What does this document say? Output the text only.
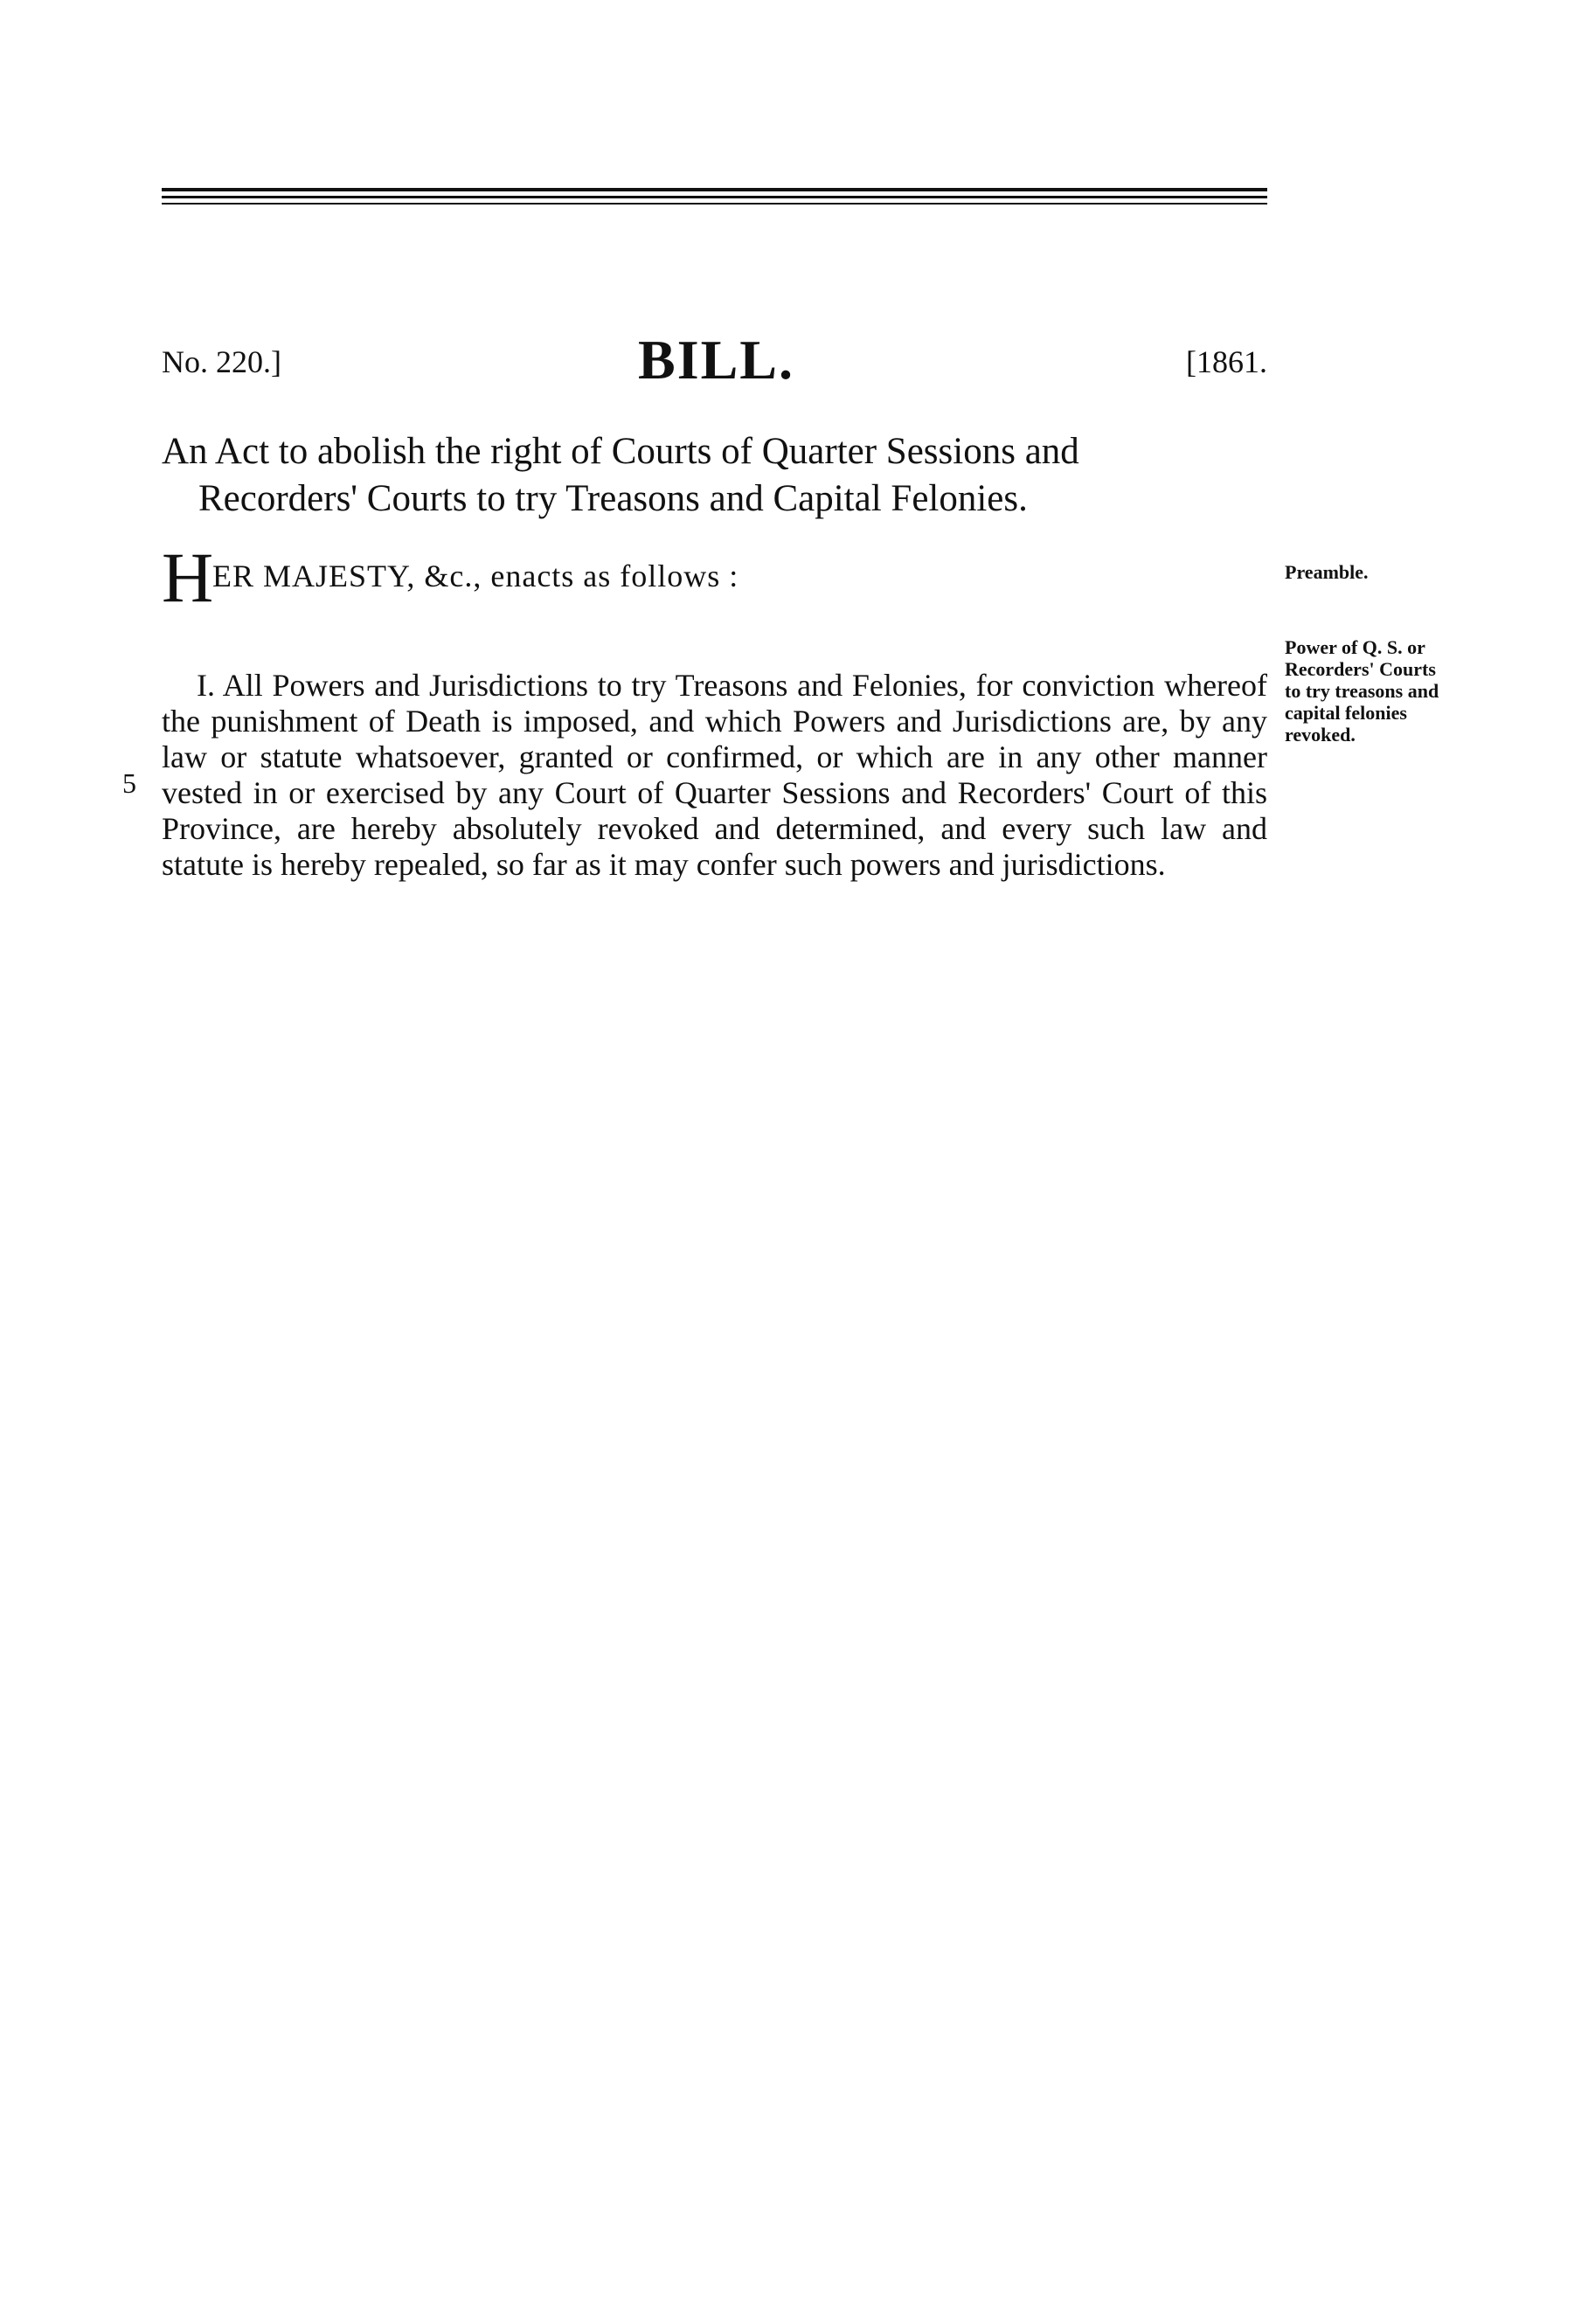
No. 220.]	BILL.	[1861.
An Act to abolish the right of Courts of Quarter Sessions and
Recorders' Courts to try Treasons and Capital Felonies.
H
ER MAJESTY, &c., enacts as follows :	Preamble.

I. All Powers and Jurisdictions to try Treasons and Felonies, for conviction whereof the punishment of Death is imposed, and which Powers and Jurisdictions are, by any law or statute whatsoever, granted or confirmed, or which are in any other manner vested in or exercised by any Court of Quarter Sessions and Recorders' Court of this Province, are hereby absolutely revoked and determined, and every such law and statute is hereby repealed, so far as it may confer such powers and jurisdictions.

Power of Q. S. or Recorders' Courts to try treasons and capital felonies revoked.
5
